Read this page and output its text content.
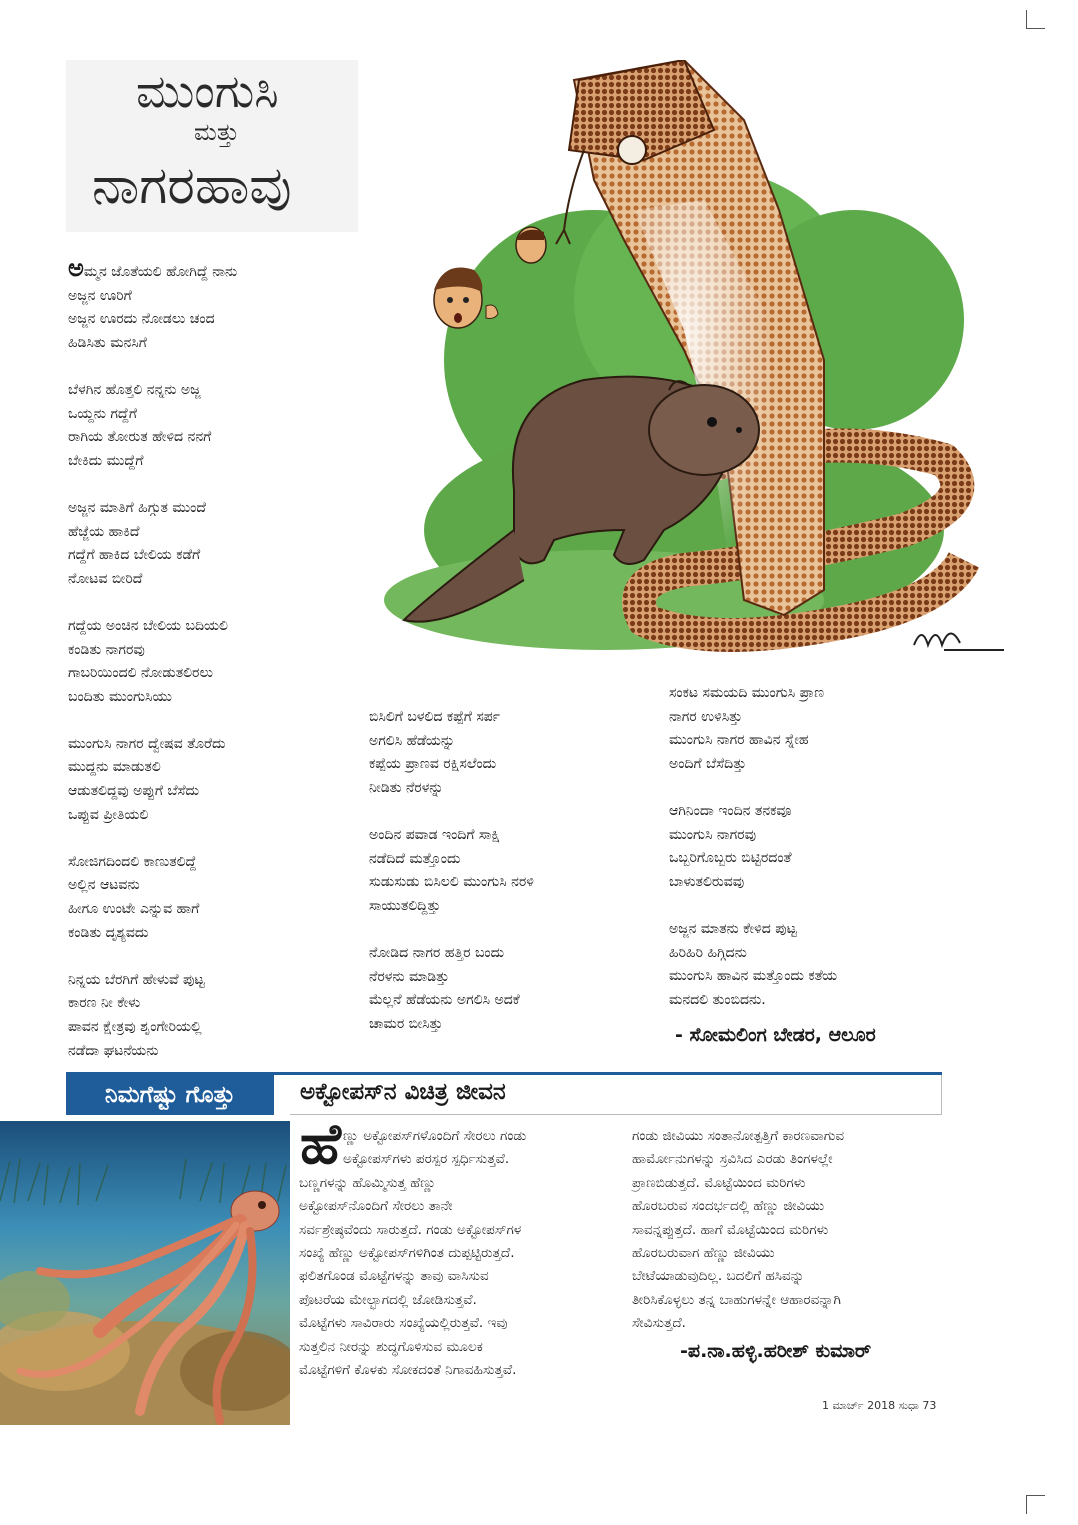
ಮುಂಗುಸಿ
ಮತ್ತು
ನಾಗರಹಾವು
ಅಮ್ಮನ ಜೊತೆಯಲಿ ಹೋಗಿದ್ದೆ ನಾನು
ಅಜ್ಜನ ಊರಿಗೆ
ಅಜ್ಜನ ಊರದು ನೋಡಲು ಚಂದ
ಹಿಡಿಸಿತು ಮನಸಿಗೆ

ಬೆಳಗಿನ ಹೊತ್ತಲಿ ನನ್ನನು ಅಜ್ಜ
ಒಯ್ದನು ಗದ್ದೆಗೆ
ರಾಗಿಯ ತೋರುತ ಹೇಳಿದ ನನಗೆ
ಬೇಕಿದು ಮುದ್ದೆಗೆ

ಅಜ್ಜನ ಮಾತಿಗೆ ಹಿಗ್ಗುತ ಮುಂದೆ
ಹೆಜ್ಜೆಯ ಹಾಕಿದೆ
ಗದ್ದೆಗೆ ಹಾಕಿದ ಬೇಲಿಯ ಕಡೆಗೆ
ನೋಟವ ಬೀರಿದೆ

ಗದ್ದೆಯ ಅಂಚಿನ ಬೇಲಿಯ ಬದಿಯಲಿ
ಕಂಡಿತು ನಾಗರವು
ಗಾಬರಿಯಿಂದಲಿ ನೋಡುತಲಿರಲು
ಬಂದಿತು ಮುಂಗುಸಿಯು

ಮುಂಗುಸಿ ನಾಗರ ದ್ವೇಷವ ತೊರೆದು
ಮುದ್ದನು ಮಾಡುತಲಿ
ಆಡುತಲಿದ್ದವು ಅಪ್ಪುಗೆ ಬೆಸೆದು
ಒಪ್ಪುವ ಪ್ರೀತಿಯಲಿ

ಸೋಜಿಗದಿಂದಲಿ ಕಾಣುತಲಿದ್ದೆ
ಅಲ್ಲಿನ ಆಟವನು
ಹೀಗೂ ಉಂಟೇ ಎನ್ನುವ ಹಾಗೆ
ಕಂಡಿತು ದೃಶ್ಯವದು

ನಿನ್ನಯ ಬೆರಗಿಗೆ ಹೇಳುವೆ ಪುಟ್ಟ
ಕಾರಣ ನೀ ಕೇಳು
ಪಾವನ ಕ್ಷೇತ್ರವು ಶೃಂಗೇರಿಯಲ್ಲಿ
ನಡೆದಾ ಘಟನೆಯನು
ಬಿಸಿಲಿಗೆ ಬಳಲಿದ ಕಪ್ಪೆಗೆ ಸರ್ಪ
ಅಗಲಿಸಿ ಹೆಡೆಯನ್ನು
ಕಪ್ಪೆಯ ಪ್ರಾಣವ ರಕ್ಷಿಸಲೆಂದು
ನೀಡಿತು ನೆರಳನ್ನು

ಅಂದಿನ ಪವಾಡ ಇಂದಿಗೆ ಸಾಕ್ಷಿ
ನಡೆದಿದೆ ಮತ್ತೊಂದು
ಸುಡುಸುಡು ಬಿಸಿಲಲಿ ಮುಂಗುಸಿ ನರಳಿ
ಸಾಯುತಲಿದ್ದಿತ್ತು

ನೋಡಿದ ನಾಗರ ಹತ್ತಿರ ಬಂದು
ನೆರಳನು ಮಾಡಿತ್ತು
ಮೆಲ್ಲನೆ ಹೆಡೆಯನು ಅಗಲಿಸಿ ಅದಕೆ
ಚಾಮರ ಬೀಸಿತ್ತು
ಸಂಕಟ ಸಮಯದಿ ಮುಂಗುಸಿ ಪ್ರಾಣ
ನಾಗರ ಉಳಿಸಿತ್ತು
ಮುಂಗುಸಿ ನಾಗರ ಹಾವಿನ ಸ್ನೇಹ
ಅಂದಿಗೆ ಬೆಸೆದಿತ್ತು

ಆಗಿನಿಂದಾ ಇಂದಿನ ತನಕವೂ
ಮುಂಗುಸಿ ನಾಗರವು
ಒಬ್ಬರಿಗೊಬ್ಬರು ಬಿಟ್ಟಿರದಂತೆ
ಬಾಳುತಲಿರುವವು

ಅಜ್ಜನ ಮಾತನು ಕೇಳಿದ ಪುಟ್ಟ
ಹಿರಿಹಿರಿ ಹಿಗ್ಗಿದನು
ಮುಂಗುಸಿ ಹಾವಿನ ಮತ್ತೊಂದು ಕತೆಯ
ಮನದಲಿ ತುಂಬಿದನು.
- ಸೋಮಲಿಂಗ ಬೇಡರ, ಆಲೂರ
ನಿಮಗೆಷ್ಟು ಗೊತ್ತು	ಅಕ್ಟೋಪಸ್‌ನ ವಿಚಿತ್ರ ಜೀವನ
ಹೆ ಣ್ಣು ಅಕ್ಟೋಪಸ್‌ಗಳೊಂದಿಗೆ ಸೇರಲು ಗಂಡು
ಅಕ್ಟೋಪಸ್‌ಗಳು ಪರಸ್ಪರ ಸ್ಪರ್ಧಿಸುತ್ತವೆ.
ಬಣ್ಣಗಳನ್ನು ಹೊಮ್ಮಿಸುತ್ತ ಹೆಣ್ಣು
ಅಕ್ಟೋಪಸ್‌ನೊಂದಿಗೆ ಸೇರಲು ತಾನೇ
ಸರ್ವಶ್ರೇಷ್ಠವೆಂದು ಸಾರುತ್ತದೆ. ಗಂಡು ಅಕ್ಟೋಪಸ್‌ಗಳ
ಸಂಖ್ಯೆ ಹೆಣ್ಣು ಅಕ್ಟೋಪಸ್‌ಗಳಿಗಿಂತ ದುಪ್ಪಟ್ಟಿರುತ್ತದೆ.
ಫಲಿತಗೊಂಡ ಮೊಟ್ಟೆಗಳನ್ನು ತಾವು ವಾಸಿಸುವ
ಪೊಟರೆಯ ಮೇಲ್ಭಾಗದಲ್ಲಿ ಜೋಡಿಸುತ್ತವೆ.
ಮೊಟ್ಟೆಗಳು ಸಾವಿರಾರು ಸಂಖ್ಯೆಯಲ್ಲಿರುತ್ತವೆ. ಇವು
ಸುತ್ತಲಿನ ನೀರನ್ನು ಶುದ್ಧಗೊಳಿಸುವ ಮೂಲಕ
ಮೊಟ್ಟೆಗಳಿಗೆ ಕೊಳಕು ಸೋಕದಂತೆ ನಿಗಾವಹಿಸುತ್ತವೆ.
ಗಂಡು ಜೀವಿಯು ಸಂತಾನೋತ್ಪತ್ತಿಗೆ ಕಾರಣವಾಗುವ
ಹಾರ್ಮೋನುಗಳನ್ನು ಸ್ರವಿಸಿದ ಎರಡು ತಿಂಗಳಲ್ಲೇ
ಪ್ರಾಣಬಿಡುತ್ತದೆ. ಮೊಟ್ಟೆಯಿಂದ ಮರಿಗಳು
ಹೊರಬರುವ ಸಂದರ್ಭದಲ್ಲಿ ಹೆಣ್ಣು ಜೀವಿಯು
ಸಾವನ್ನಪ್ಪುತ್ತದೆ. ಹಾಗೆ ಮೊಟ್ಟೆಯಿಂದ ಮರಿಗಳು
ಹೊರಬರುವಾಗ ಹೆಣ್ಣು ಜೀವಿಯು
ಬೇಟೆಯಾಡುವುದಿಲ್ಲ. ಬದಲಿಗೆ ಹಸಿವನ್ನು
ತೀರಿಸಿಕೊಳ್ಳಲು ತನ್ನ ಬಾಹುಗಳನ್ನೇ ಆಹಾರವನ್ನಾಗಿ
ಸೇವಿಸುತ್ತದೆ.
-ಪ.ನಾ.ಹಳ್ಳಿ.ಹರೀಶ್ ಕುಮಾರ್
1 ಮಾರ್ಚ್ 2018 ಸುಧಾ 73
